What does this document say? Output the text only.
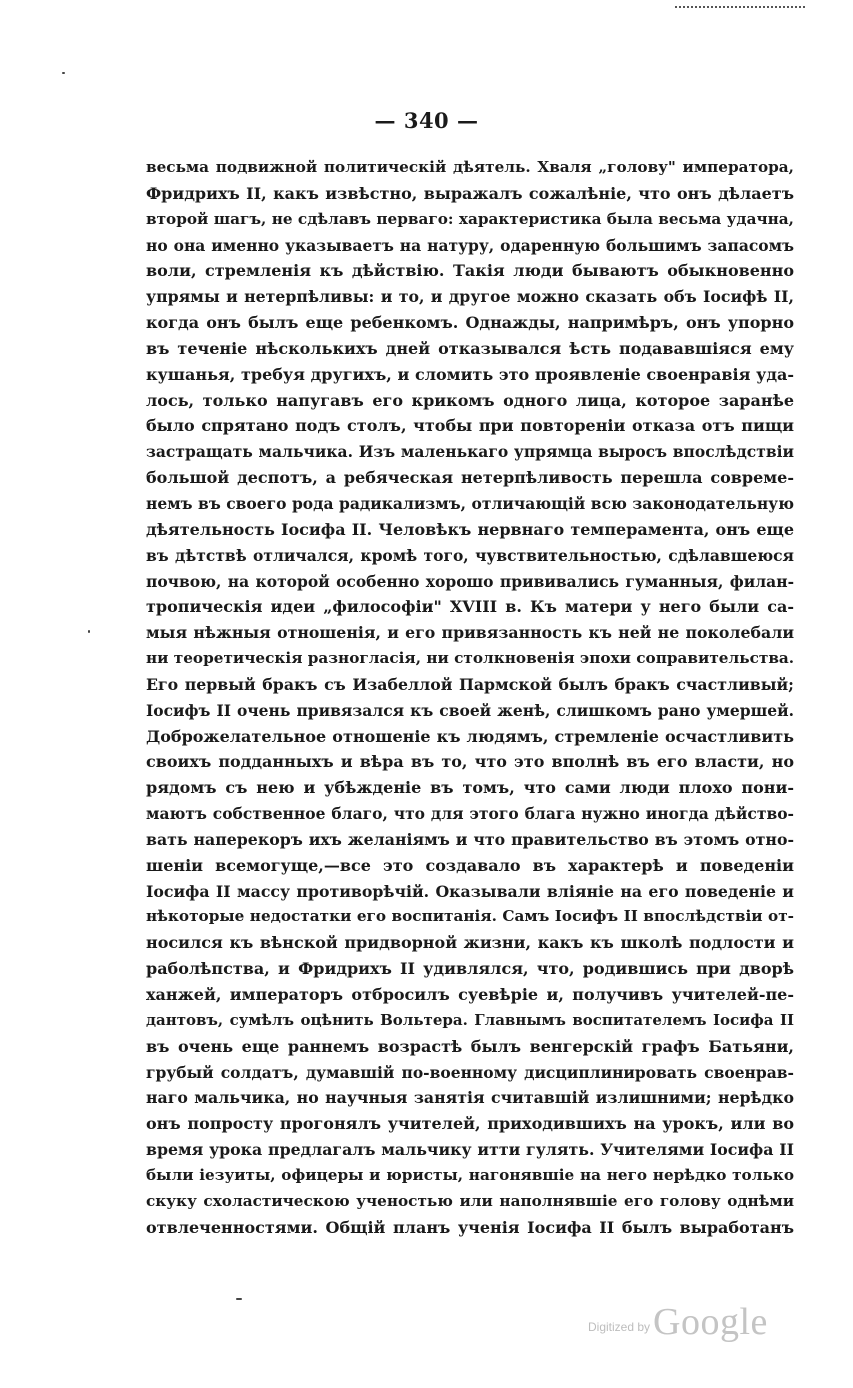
— 340 —
весьма подвижной политическій дѣятель. Хваля „голову" императора,
Фридрихъ II, какъ извѣстно, выражалъ сожалѣніе, что онъ дѣлаетъ
второй шагъ, не сдѣлавъ перваго: характеристика была весьма удачна,
но она именно указываетъ на натуру, одаренную большимъ запасомъ
воли, стремленія къ дѣйствію. Такія люди бываютъ обыкновенно
упрямы и нетерпѣливы: и то, и другое можно сказать объ Іосифѣ II,
когда онъ былъ еще ребенкомъ. Однажды, напримѣръ, онъ упорно
въ теченіе нѣсколькихъ дней отказывался ѣсть подававшіяся ему
кушанья, требуя другихъ, и сломить это проявленіе своенравія уда-
лось, только напугавъ его крикомъ одного лица, которое заранѣе
было спрятано подъ столъ, чтобы при повтореніи отказа отъ пищи
застращать мальчика. Изъ маленькаго упрямца выросъ впослѣдствіи
большой деспотъ, а ребяческая нетерпѣливость перешла совреме-
немъ въ своего рода радикализмъ, отличающій всю законодательную
дѣятельность Іосифа II. Человѣкъ нервнаго темперамента, онъ еще
въ дѣтствѣ отличался, кромѣ того, чувствительностью, сдѣлавшеюся
почвою, на которой особенно хорошо прививались гуманныя, филан-
тропическія идеи „философіи" XVIII в. Къ матери у него были са-
мыя нѣжныя отношенія, и его привязанность къ ней не поколебали
ни теоретическія разногласія, ни столкновенія эпохи соправительства.
Его первый бракъ съ Изабеллой Пармской былъ бракъ счастливый;
Іосифъ II очень привязался къ своей женѣ, слишкомъ рано умершей.
Доброжелательное отношеніе къ людямъ, стремленіе осчастливить
своихъ подданныхъ и вѣра въ то, что это вполнѣ въ его власти, но
рядомъ съ нею и убѣжденіе въ томъ, что сами люди плохо пони-
маютъ собственное благо, что для этого блага нужно иногда дѣйство-
вать наперекоръ ихъ желаніямъ и что правительство въ этомъ отно-
шеніи всемогуще,—все это создавало въ характерѣ и поведеніи
Іосифа II массу противорѣчій. Оказывали вліяніе на его поведеніе и
нѣкоторые недостатки его воспитанія. Самъ Іосифъ II впослѣдствіи от-
носился къ вѣнской придворной жизни, какъ къ школѣ подлости и
раболѣпства, и Фридрихъ II удивлялся, что, родившись при дворѣ
ханжей, императоръ отбросилъ суевѣріе и, получивъ учителей-пе-
дантовъ, сумѣлъ оцѣнить Вольтера. Главнымъ воспитателемъ Іосифа II
въ очень еще раннемъ возрастѣ былъ венгерскій графъ Батьяни,
грубый солдатъ, думавшій по-военному дисциплинировать своенрав-
наго мальчика, но научныя занятія считавшій излишними; нерѣдко
онъ попросту прогонялъ учителей, приходившихъ на урокъ, или во
время урока предлагалъ мальчику итти гулять. Учителями Іосифа II
были іезуиты, офицеры и юристы, нагонявшіе на него нерѣдко только
скуку схоластическою ученостью или наполнявшіе его голову однѣми
отвлеченностями. Общій планъ ученія Іосифа II былъ выработанъ
Digitized by Google
